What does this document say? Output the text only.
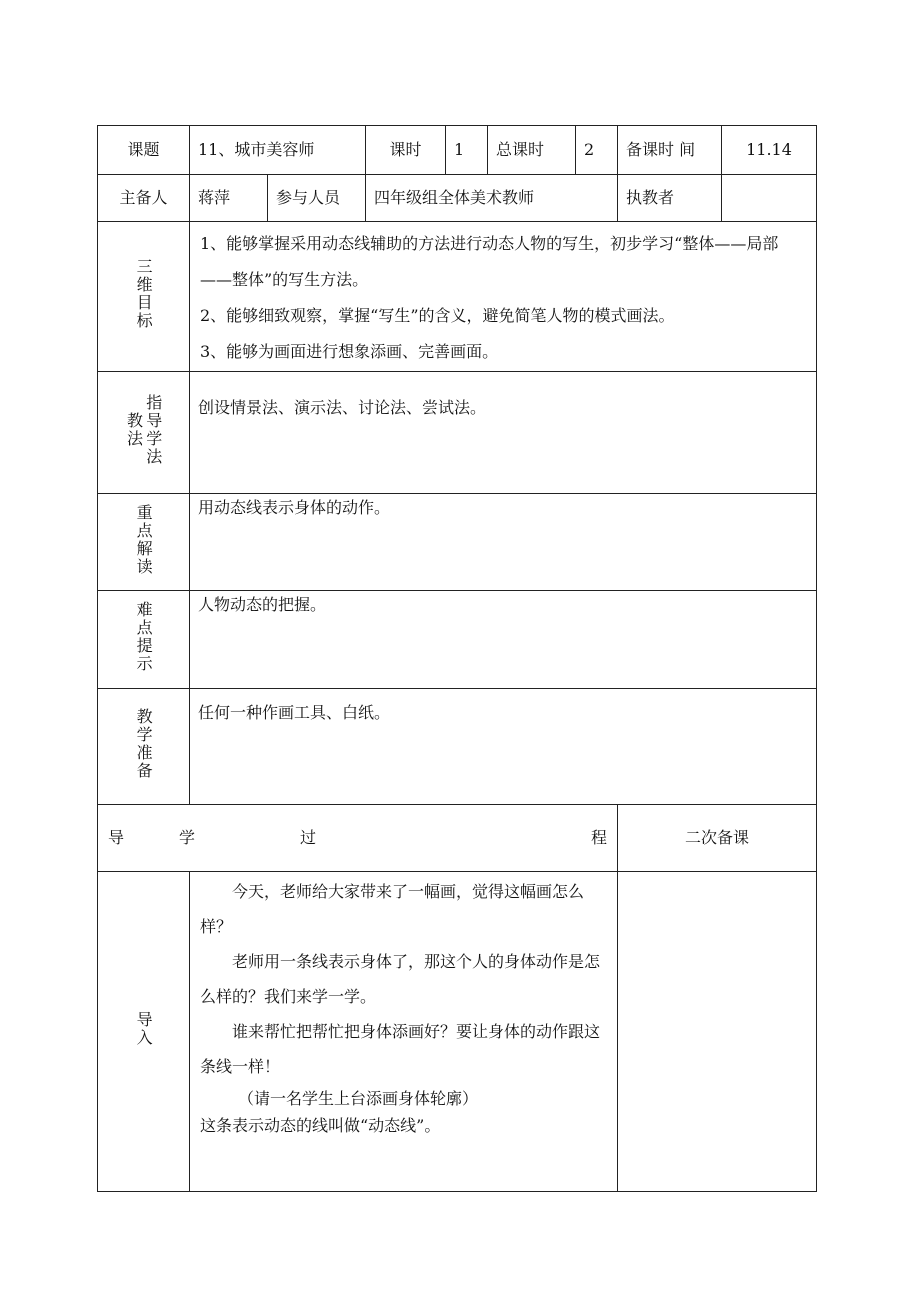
课题	11、城市美容师		课时	1	总课时	2	备课时 间	11.14
主备人	蒋萍	参与人员	四年级组全体美术教师				执教者	
三维目标	1、能够掌握采用动态线辅助的方法进行动态人物的写生，初步学习“整体——局部——整体”的写生方法。

2、能够细致观察，掌握“写生”的含义，避免简笔人物的模式画法。

3、能够为画面进行想象添画、完善画面。							

指导学法教法	创设情景法、演示法、讨论法、尝试法。							
重点解读	用动态线表示身体的动作。							
难点提示	人物动态的把握。							
教学准备	任何一种作画工具、白纸。							

导 学 过 程							二次备课	
导入	今天，老师给大家带来了一幅画，觉得这幅画怎么样？

老师用一条线表示身体了，那这个人的身体动作是怎么样的？我们来学一学。

谁来帮忙把帮忙把身体添画好？要让身体的动作跟这条线一样！

（请一名学生上台添画身体轮廓）

这条表示动态的线叫做“动态线”。							
